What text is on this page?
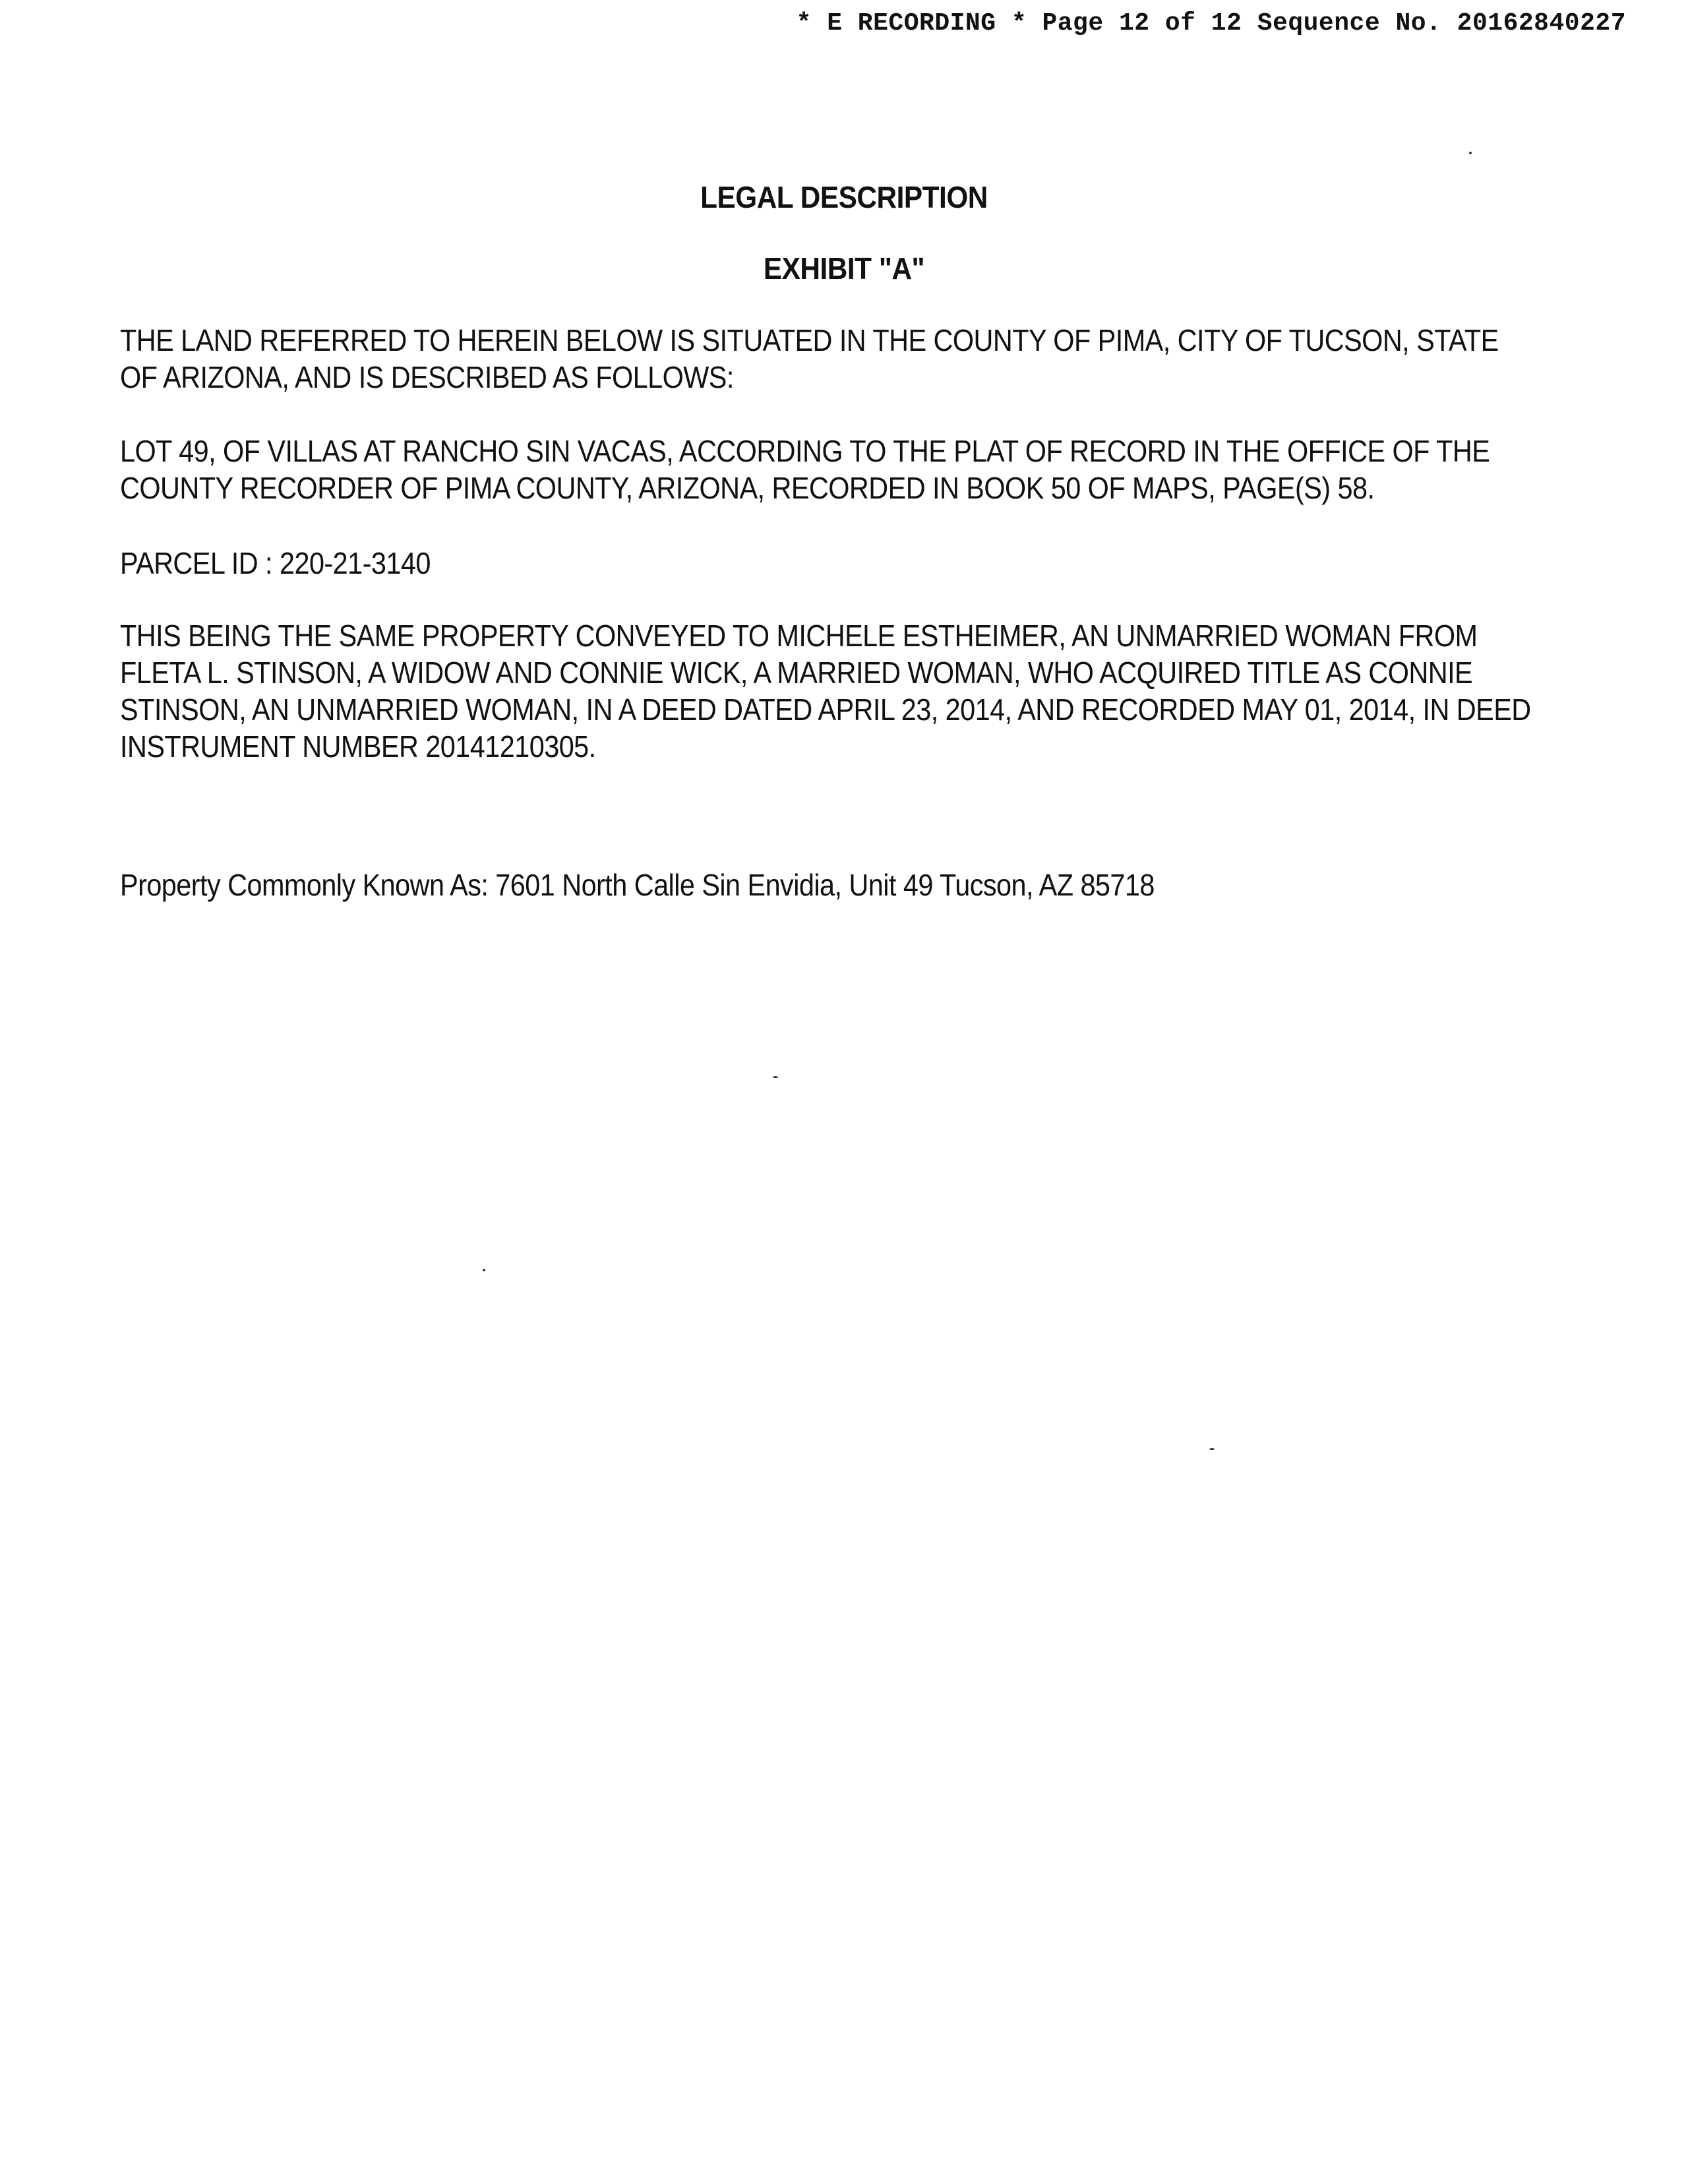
* E RECORDING * Page 12 of 12 Sequence No. 20162840227
LEGAL DESCRIPTION
EXHIBIT "A"
THE LAND REFERRED TO HEREIN BELOW IS SITUATED IN THE COUNTY OF PIMA, CITY OF TUCSON, STATE OF ARIZONA, AND IS DESCRIBED AS FOLLOWS:
LOT 49, OF VILLAS AT RANCHO SIN VACAS, ACCORDING TO THE PLAT OF RECORD IN THE OFFICE OF THE COUNTY RECORDER OF PIMA COUNTY, ARIZONA, RECORDED IN BOOK 50 OF MAPS, PAGE(S) 58.
PARCEL ID : 220-21-3140
THIS BEING THE SAME PROPERTY CONVEYED TO MICHELE ESTHEIMER, AN UNMARRIED WOMAN FROM FLETA L. STINSON, A WIDOW AND CONNIE WICK, A MARRIED WOMAN, WHO ACQUIRED TITLE AS CONNIE STINSON, AN UNMARRIED WOMAN, IN A DEED DATED APRIL 23, 2014, AND RECORDED MAY 01, 2014, IN DEED INSTRUMENT NUMBER 20141210305.
Property Commonly Known As: 7601 North Calle Sin Envidia, Unit 49 Tucson, AZ 85718
